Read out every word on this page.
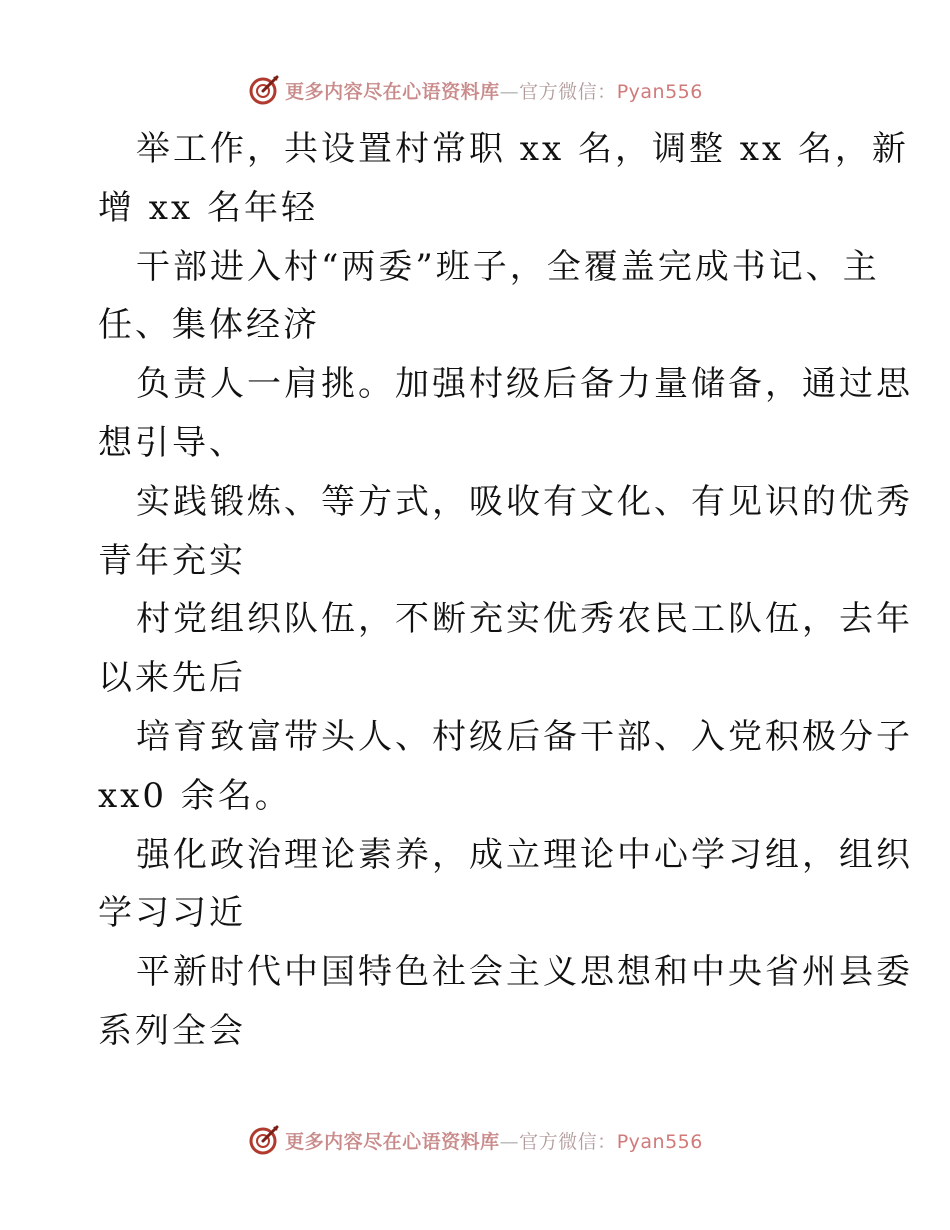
更多内容尽在心语资料库—官方微信：Pyan556
举工作，共设置村常职 xx 名，调整 xx 名，新
增 xx 名年轻
干部进入村“两委”班子，全覆盖完成书记、主
任、集体经济
负责人一肩挑。加强村级后备力量储备，通过思
想引导、
实践锻炼、等方式，吸收有文化、有见识的优秀
青年充实
村党组织队伍，不断充实优秀农民工队伍，去年
以来先后
培育致富带头人、村级后备干部、入党积极分子
xx0 余名。
强化政治理论素养，成立理论中心学习组，组织
学习习近
平新时代中国特色社会主义思想和中央省州县委
系列全会
更多内容尽在心语资料库—官方微信：Pyan556
